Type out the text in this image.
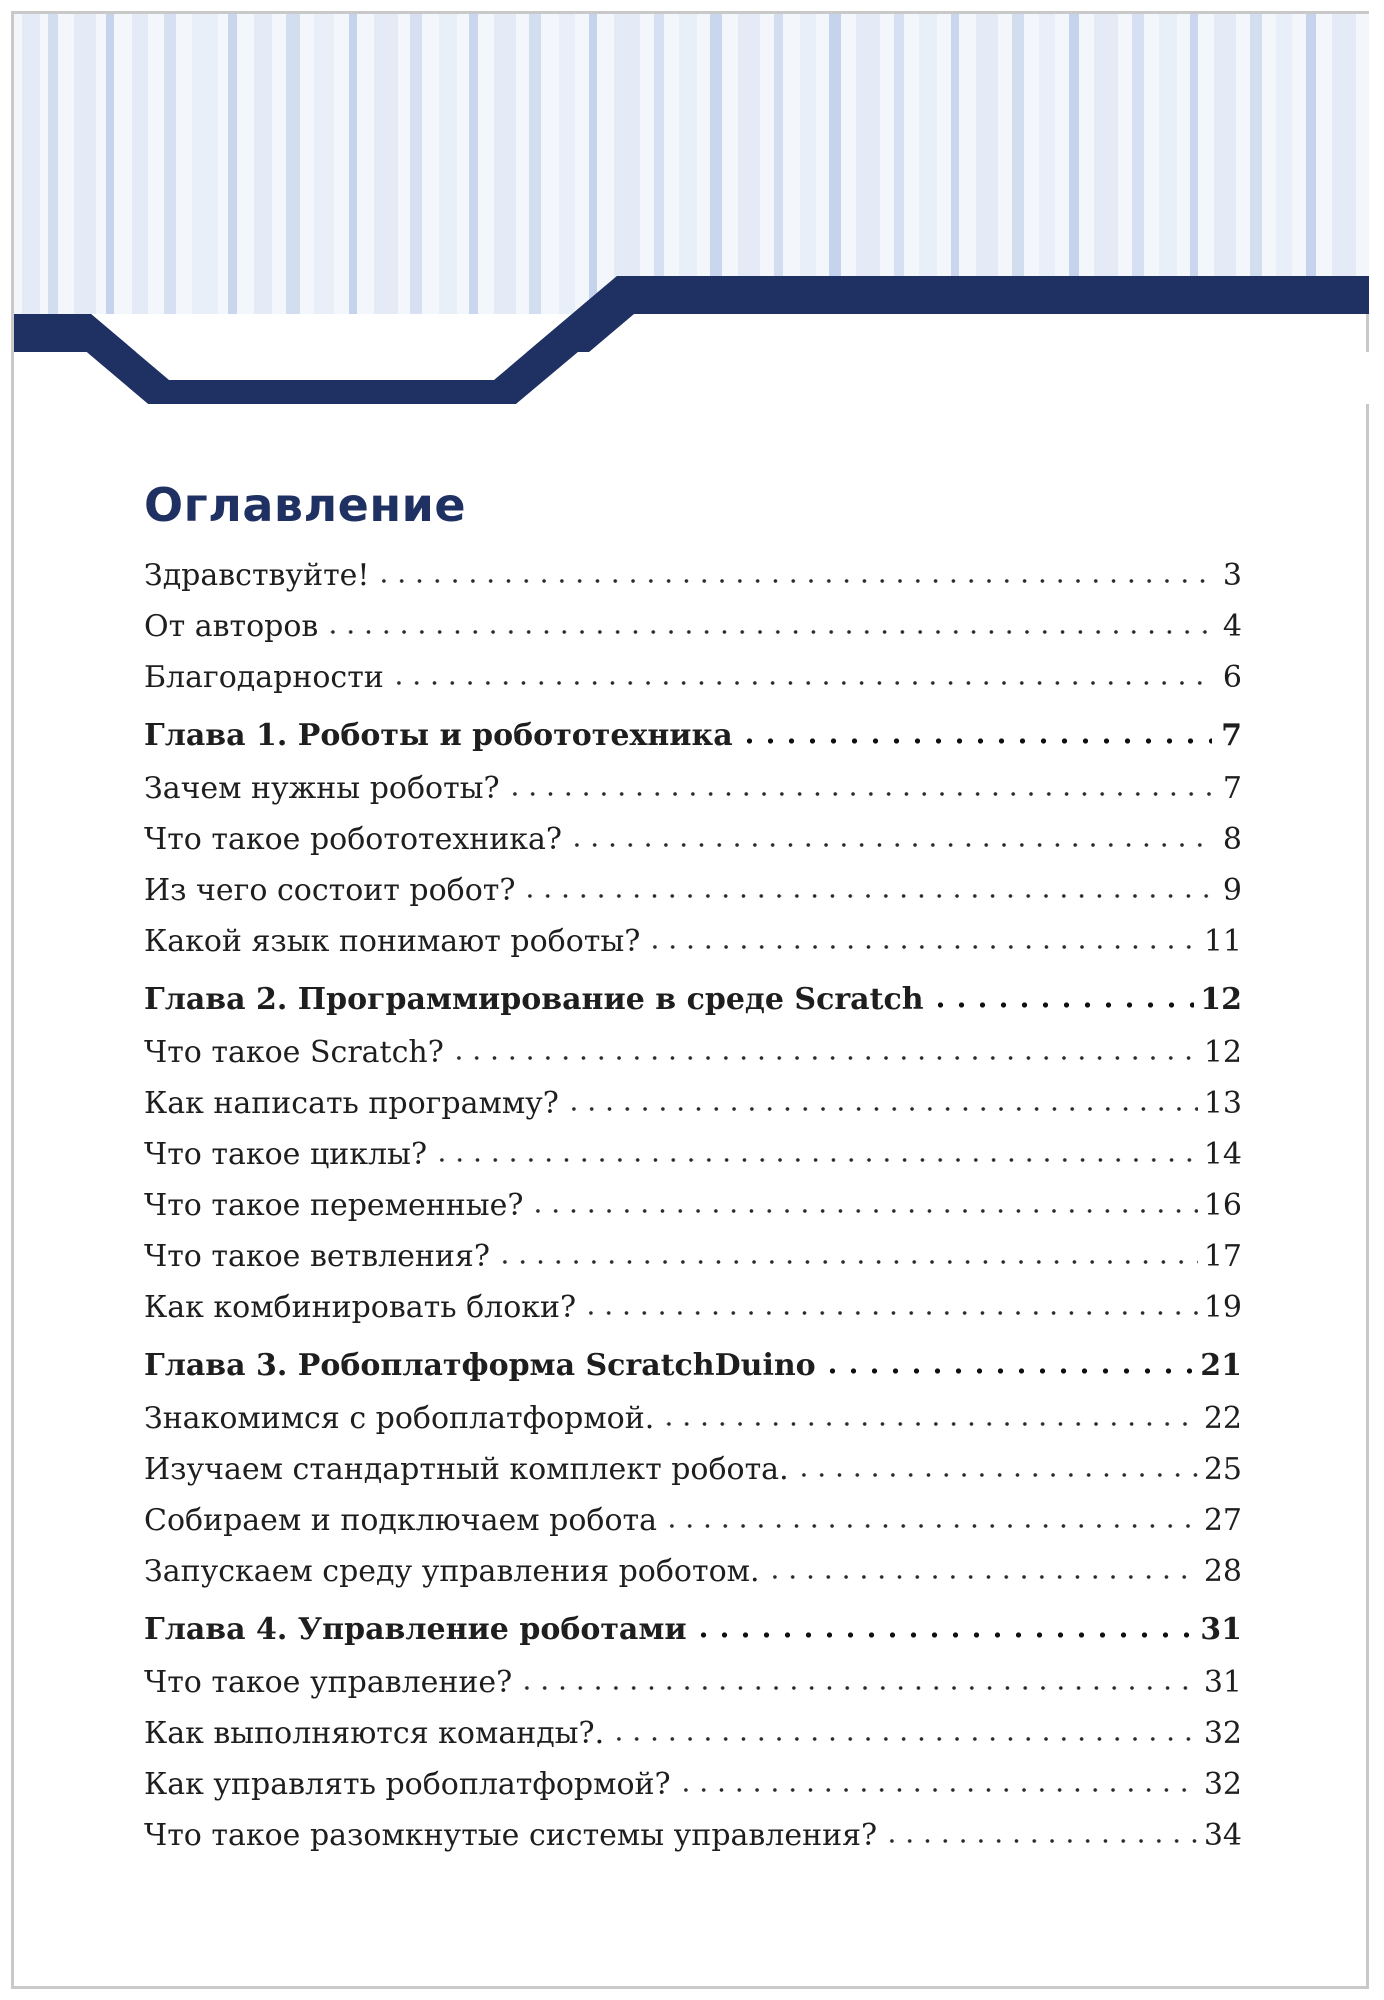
Оглавление
Здравствуйте!	3
От авторов	4
Благодарности	6
Глава 1. Роботы и робототехника	7
Зачем нужны роботы?	7
Что такое робототехника?	8
Из чего состоит робот?	9
Какой язык понимают роботы?	11
Глава 2. Программирование в среде Scratch	12
Что такое Scratch?	12
Как написать программу?	13
Что такое циклы?	14
Что такое переменные?	16
Что такое ветвления?	17
Как комбинировать блоки?	19
Глава 3. Робоплатформа ScratchDuino	21
Знакомимся с робоплатформой.	22
Изучаем стандартный комплект робота.	25
Собираем и подключаем робота	27
Запускаем среду управления роботом.	28
Глава 4. Управление роботами	31
Что такое управление?	31
Как выполняются команды?.	32
Как управлять робоплатформой?	32
Что такое разомкнутые системы управления?	34
